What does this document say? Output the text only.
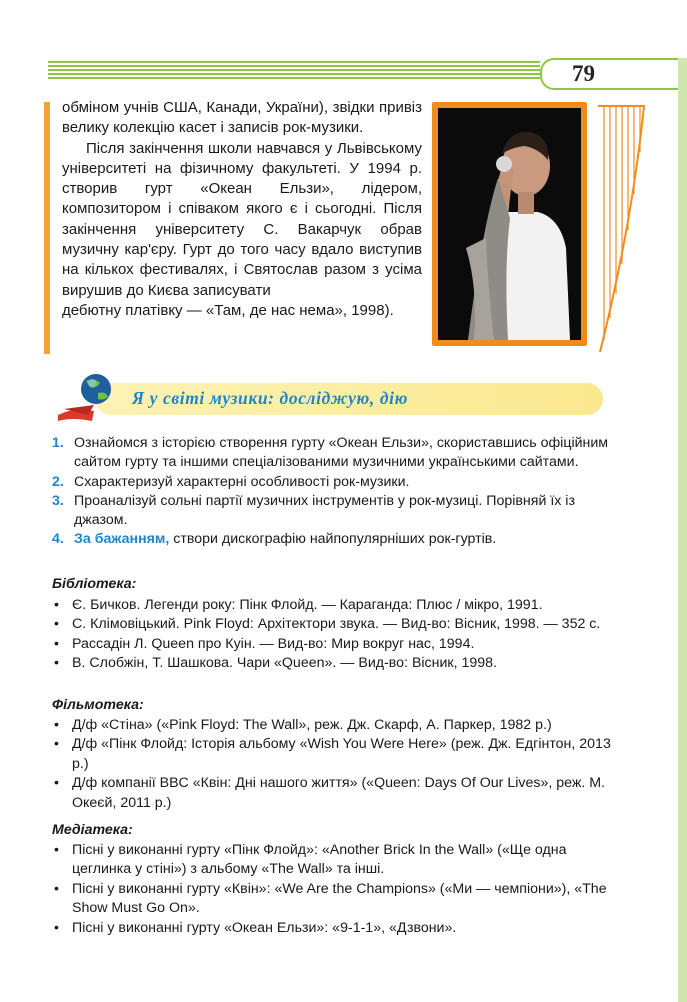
79

обміном учнів США, Канади, України), звідки привіз велику колекцію касет і записів рок-музики.

Після закінчення школи навчався у Львівському університеті на фізичному факультеті. У 1994 р. створив гурт «Океан Ельзи», лідером, композитором і співаком якого є і сьогодні. Після закінчення університету С. Вакарчук обрав музичну кар'єру. Гурт до того часу вдало виступив на кількох фестивалях, і Святослав разом з усіма вирушив до Києва записувати

дебютну платівку — «Там, де нас нема», 1998).

Я у світі музики: досліджую, дію
1. Ознайомся з історією створення гурту «Океан Ельзи», скориставшись офіційним сайтом гурту та іншими спеціалізованими музичними українськими сайтами.
2. Схарактеризуй характерні особливості рок-музики.
3. Проаналізуй сольні партії музичних інструментів у рок-музиці. Порівняй їх із джазом.
4. За бажанням, створи дискографію найпопулярніших рок-гуртів.
Бібліотека:
• Є. Бичков. Легенди року: Пінк Флойд. — Караганда: Плюс / мікро, 1991.
• С. Клімовіцький. Pink Floyd: Архітектори звука. — Вид-во: Вісник, 1998. — 352 с.
• Рассадін Л. Queen про Куін. — Вид-во: Мир вокруг нас, 1994.
• В. Слобжін, Т. Шашкова. Чари «Queen». — Вид-во: Вісник, 1998.
Фільмотека:
• Д/ф «Стіна» («Pink Floyd: The Wall», реж. Дж. Скарф, А. Паркер, 1982 р.)
• Д/ф «Пінк Флойд: Історія альбому «Wish You Were Here» (реж. Дж. Едгінтон, 2013 р.)
• Д/ф компанії BBC «Квін: Дні нашого життя» («Queen: Days Of Our Lives», реж. М. Океєй, 2011 р.)
Медіатека:
• Пісні у виконанні гурту «Пінк Флойд»: «Another Brick In the Wall» («Ще одна цеглинка у стіні») з альбому «The Wall» та інші.
• Пісні у виконанні гурту «Квін»: «We Are the Champions» («Ми — чемпіони»), «The Show Must Go On».
• Пісні у виконанні гурту «Океан Ельзи»: «9-1-1», «Дзвони».
